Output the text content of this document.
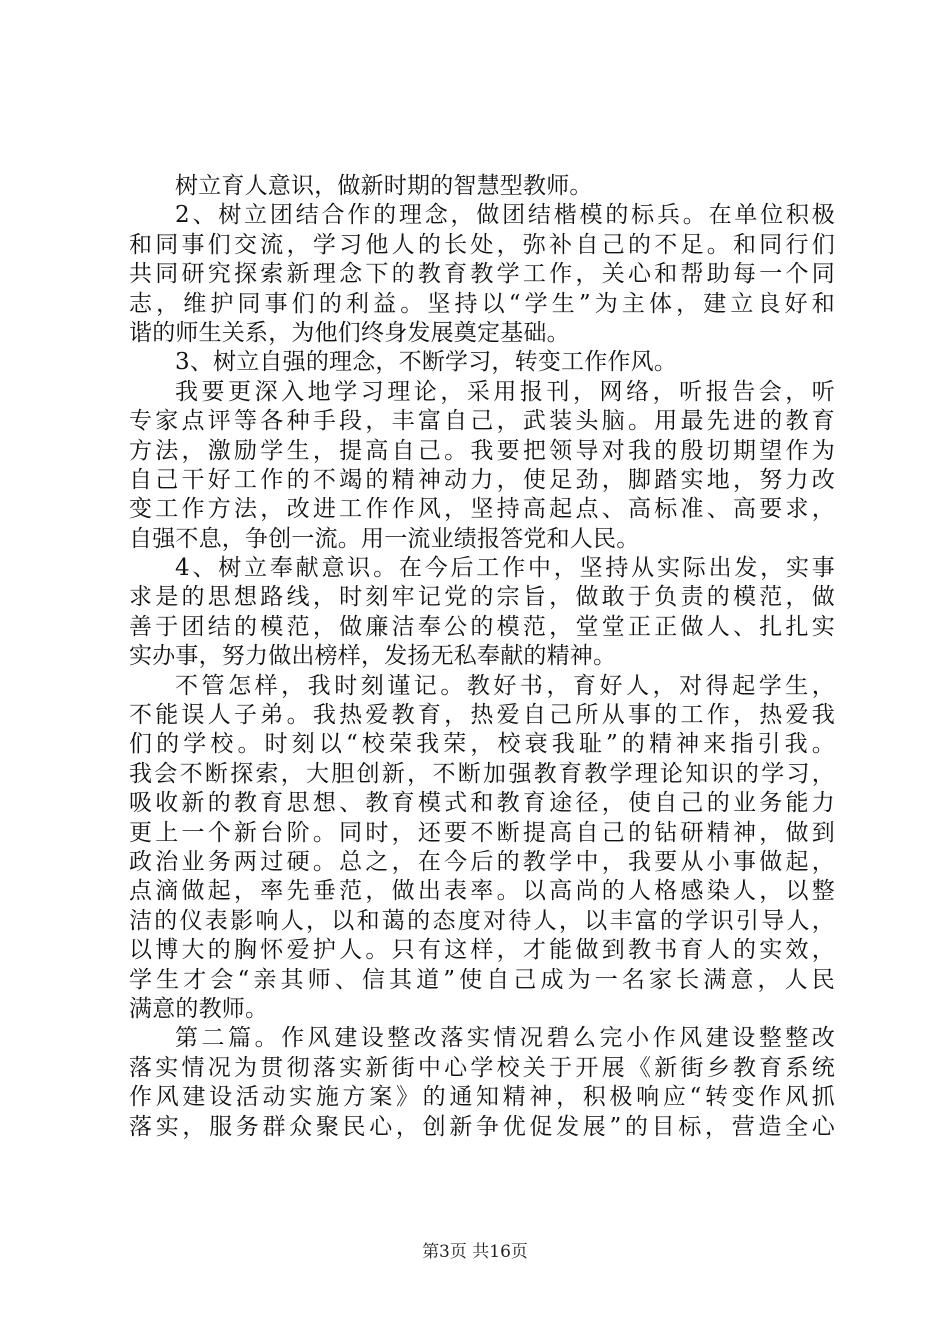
树立育人意识，做新时期的智慧型教师。
2、树立团结合作的理念，做团结楷模的标兵。在单位积极
和同事们交流，学习他人的长处，弥补自己的不足。和同行们
共同研究探索新理念下的教育教学工作，关心和帮助每一个同
志，维护同事们的利益。坚持以“学生”为主体，建立良好和
谐的师生关系，为他们终身发展奠定基础。
3、树立自强的理念，不断学习，转变工作作风。
我要更深入地学习理论，采用报刊，网络，听报告会，听
专家点评等各种手段，丰富自己，武装头脑。用最先进的教育
方法，激励学生，提高自己。我要把领导对我的殷切期望作为
自己干好工作的不竭的精神动力，使足劲，脚踏实地，努力改
变工作方法，改进工作作风，坚持高起点、高标准、高要求，
自强不息，争创一流。用一流业绩报答党和人民。
4、树立奉献意识。在今后工作中，坚持从实际出发，实事
求是的思想路线，时刻牢记党的宗旨，做敢于负责的模范，做
善于团结的模范，做廉洁奉公的模范，堂堂正正做人、扎扎实
实办事，努力做出榜样，发扬无私奉献的精神。
不管怎样，我时刻谨记。教好书，育好人，对得起学生，
不能误人子弟。我热爱教育，热爱自己所从事的工作，热爱我
们的学校。时刻以“校荣我荣，校衰我耻”的精神来指引我。
我会不断探索，大胆创新，不断加强教育教学理论知识的学习，
吸收新的教育思想、教育模式和教育途径，使自己的业务能力
更上一个新台阶。同时，还要不断提高自己的钻研精神，做到
政治业务两过硬。总之，在今后的教学中，我要从小事做起，
点滴做起，率先垂范，做出表率。以高尚的人格感染人，以整
洁的仪表影响人，以和蔼的态度对待人，以丰富的学识引导人，
以博大的胸怀爱护人。只有这样，才能做到教书育人的实效，
学生才会“亲其师、信其道”使自己成为一名家长满意，人民
满意的教师。
第二篇。作风建设整改落实情况碧么完小作风建设整整改
落实情况为贯彻落实新街中心学校关于开展《新街乡教育系统
作风建设活动实施方案》的通知精神，积极响应“转变作风抓
落实，服务群众聚民心，创新争优促发展”的目标，营造全心
第3页 共16页
